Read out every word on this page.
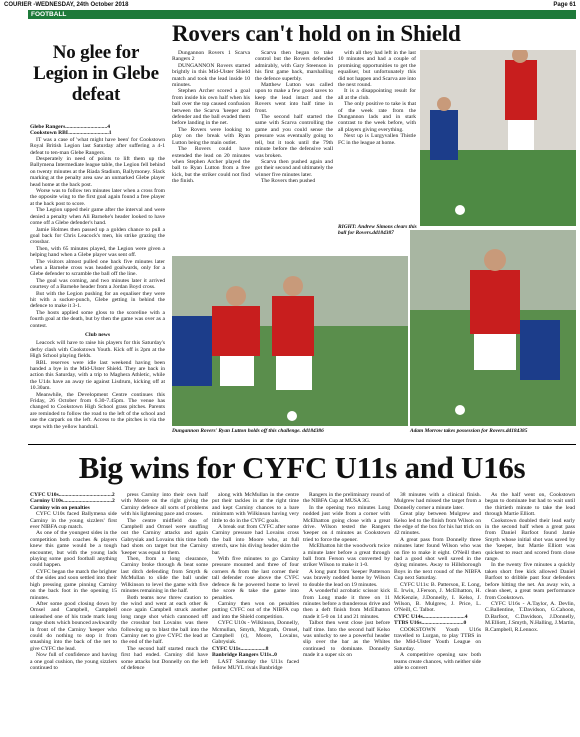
COURIER -WEDNESDAY, 24th October 2018	Page 61
FOOTBALL
No glee for Legion in Glebe defeat
Glebe Rangers..............................4
Cookstown RBL............................1

IT was a case of 'what might have been' for Cookstown Royal British Legion last Saturday after suffering a 4-1 defeat to ten-man Glebe Rangers.

Desperately in need of points to lift them up the Ballymena Intermediate league table, the Legion fell behind on twenty minutes at the Riada Stadium, Ballymoney. Slack marking at the penalty area saw an unmarked Glebe player head home at the back post.

Worse was to follow ten minutes later when a cross from the opposite wing to the first goal again found a free player at the back post to score.

The Legion upped their game after the interval and were denied a penalty when Ali Barnehe's header looked to have come off a Glebe defender's hand.

Jamie Holmes then passed up a golden chance to pull a goal back for Chris Leacock's men, his strike grazing the crossbar.

Then, with 65 minutes played, the Legion were given a helping hand when a Glebe player was sent off.

The visitors almost pulled one back five minutes later when a Barnehe cross was headed goalwards, only for a Glebe defender to scramble the ball off the line.

The goal was coming, and two minutes later it arrived courtesy of a Barnehe header from a Jordan Boyd cross.

But with the Legion pushing for an equaliser they were hit with a sucker-punch, Glebe getting in behind the defence to make it 3-1.

The hosts applied some gloss to the scoreline with a fourth goal at the death, but by then the game was over as a contest.

Club news

Leacock will have to raise his players for this Saturday's derby clash with Cookstown Youth. Kick off is 2pm at the High School playing fields.

RBL reserves were idle last weekend having been handed a bye in the Mid-Ulster Shield. They are back in action this Saturday, with a trip to Maghera Athletic, while the U14s have an away tie against Lisdrum, kicking off at 10.30am.

Meanwhile, the Development Centre continues this Friday, 26 October from 6.30-7.45pm. The venue has changed to Cookstown High School grass pitches. Parents are reminded to follow the road to the left of the school and use the carpark on the left. Access to the pitches is via the steps with the yellow handrail.

Rovers can't hold on in Shield

Dungannon Rovers 1 Scarva Rangers 2

DUNGANNON Rovers started brightly in this Mid-Ulster Shield match and took the lead inside 10 minutes.

Stephen Archer scored a goal from inside his own half when his ball over the top caused confusion between the Scarva 'keeper and defender and the ball evaded them before landing in the net.

The Rovers were looking to play on the break with Ryan Lutton being the main outlet.

The Rovers could have extended the lead on 20 minutes when Stephen Archer played the ball to Ryan Lutton from a free kick, but the striker could not find the finish.

Scarva then began to take control but the Rovers defended admirably, with Gary Steenson in his first game back, marshalling the defence superbly.

Matthew Lutton was called upon to make a few good saves to keep the lead intact and the Rovers went into half time in front.

The second half started the same with Scarva controlling the game and you could sense the pressure was eventually going to tell, but it took until the 79th minute before the defensive wall was broken.

Scarva then pushed again and got their second and ultimately the winner five minutes later.

The Rovers then pushed

with all they had left in the last 10 minutes and had a couple of promising opportunities to get the equaliser, but unfortunately this did not happen and Scarva are into the next round.

It is a disappointing result for all at the club.

The only positive to take is that of the week rate from the Dungannon lads and in stark contrast to the week before, with all players giving everything.

Next up is Lurgyvallen Thistle FC in the league at home.

RIGHT: Andrew Simons clears this ball for Rovers.dd184387
Dungannon Rovers' Ryan Lutton holds off this challenge. dd184386	Adam Morrow takes possession for Rovers.dd184385
Big wins for CYFC U11s and U16s
CYFC U10s......................................2
Carniny U10s...................................2
Carniny win on penalties

CYFC U10s faced Ballymena side Carniny in the young sizzlers' first ever NIBFA cup match.

As one of the youngest sides in the competition both coaches & players knew this game would be a tough encounter, but with the young lads playing some good football anything could happen.

CYFC began the match the brighter of the sides and soon settled into their high pressing game pinning Carniny on the back foot in the opening 15 minutes.

After some good closing down by Ornsel and Campbell, Campbell unleashed one of his trade mark long range shots which bounced awkwardly in front of the Carniny 'keeper who could do nothing to stop it from smashing into the back of the net to give CYFC the lead.

Now full of confidence and having a one goal cushion, the young sizzlers continued to

press Carniny into their own half with Moore on the right giving the Carniny defence all sorts of problems with his lightening pace and crosses.

The centre midfield duo of Campbell and Ornsel were snuffing out the Carniny attacks and again Gabrysiak and Lovains this time both had shots on target but the Carniny 'keeper was equal to them.

Then, from a long clearance, Carniny broke through & beat some last ditch defending from Smyth & McMullan to slide the ball under Wilkinson to level the game with five minutes remaining in the half.

Both teams now threw caution to the wind and went at each other & once again Campbell struck another long range shot which cannoned off the crossbar but Lovains was there following up to blast the ball into the Carniny net to give CYFC the lead at the end of the half.

The second half started much the first had ended. Carniny did have some attacks but Donnelly on the left of defence

along with McMullan in the centre put their tackles in at the right time and kept Carniny chances to a bare minimum with Wilkinson having very little to do in the CYFC goals.

A break out from CYFC after some Carniny pressure had Lovains cross the ball into Moore who, at full stretch, saw his diving header skim the bar.

With five minutes to go Carniny pressure mounted and three of four corners & from the last corner their tall defender rose above the CYFC defence & he powered home to level the score & take the game into penalties.

Carniny then won on penalties putting CYFC out of the NIBFA cup and into the Shield competition.

CYFC U10s - Wilkinson, Donnelly, Mcmullan, Smyth, Mcgrath, Ornsel, Campbell (c), Moore, Lovains, Gabrysiak.

CYFC U11s..................8
Banbridge Rangers U11s..0

LAST Saturday the U11s faced fellow MUYL rivals Banbridge

Rangers in the preliminary round of the NIBFA Cup at MUSA 3G.

In the opening two minutes Long nodded just wide from a corner with McElhatton going close with a great drive. Wilson tested the Rangers 'keeper on 4 minutes as Cookstown tried to force the opener.

McElhatton hit the woodwork twice a minute later before a great through ball from Ferson was converted by striker Wilson to make it 1-0.

A long punt from 'keeper Patterson was bravely nodded home by Wilson to double the lead on 19 minutes.

A wonderful acrobatic scissor kick from Long made it three on 11 minutes before a thunderous drive and then a deft finish from McElhatton made it 5-0 on 14 and 21 minutes.

Talbot then went close just before half time. Into the second half Kelso was unlucky to see a powerful header slip over the bar as the Whites continued to dominate. Donnelly made it a super six on

38 minutes with a clinical finish. Mulgrew had missed the target from a Donnelly corner a minute later.

Great play between Mulgrew and Kelso led to the finish from Wilson on the edge of the box for his hat trick on 42 minutes.

A great pass from Donnelly three minutes later found Wilson who was on fire to make it eight. O'Neill then had a good shot well saved in the dying minutes. Away to Hillsborough Boys in the next round of the NIBFA Cup next Saturday.

CYFC U11s: B. Patterson, E. Long, E. Irwin, J.Ferson, J. McElhatton, H. McKenzie, J.Donnelly, I. Kelso, J. Wilson, B. Mulgrew, J. Price, L. O'Neill, C. Talbot.

CYFC U14s..............................4
TTBS U16s..............................0

COOKSTOWN Youth U16s travelled to Lurgan, to play TTBS in the Mid-Ulster Youth League on Saturday.

A competitive opening saw both teams create chances, with neither side able to convert

As the half went on, Cookstown began to dominate but had to wait until the thirtieth minute to take the lead through Martie Elliott.

Cookstown doubled their lead early in the second half when a great pass from Daniel Barfoot found Jamie Smyth whose initial shot was saved by the 'keeper, but Martie Elliott was quickest to react and scored from close range.

In the twenty five minutes a quickly taken short free kick allowed Daniel Barfoot to dribble past four defenders before hitting the net. An away win, a clean sheet, a great team performance from Cookstown.

CYFC U16s - A.Taylor, A. Devlin, C.Ballentine, T.Davidson, G.Cahoon, D.Barfoot, C.Davidson, J.Donnelly, M.Elliott, J.Smyth, N.Halling, J.Martin, R.Campbell, R.Lennox.
